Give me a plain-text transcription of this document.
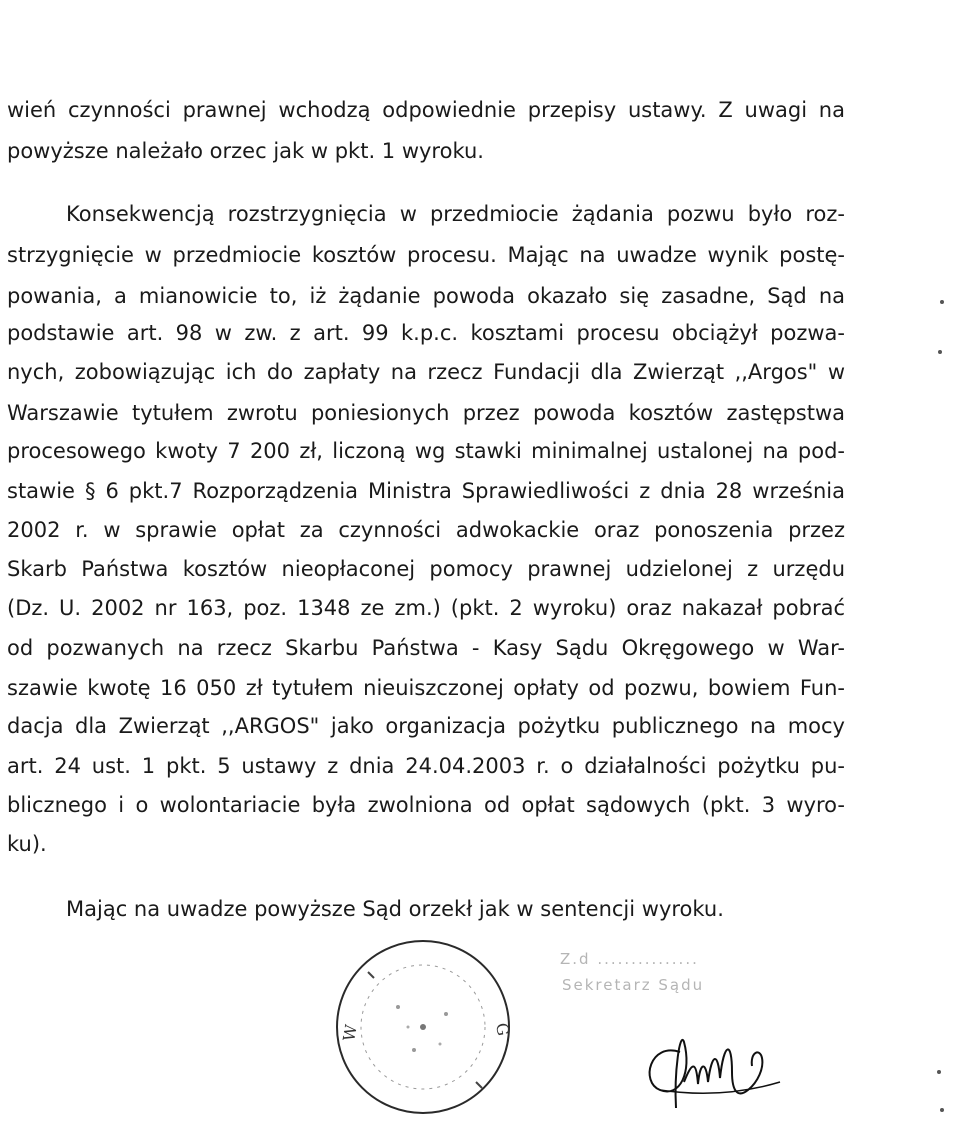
wień czynności prawnej wchodzą odpowiednie przepisy ustawy. Z uwagi na
powyższe należało orzec jak w pkt. 1 wyroku.
Konsekwencją rozstrzygnięcia w przedmiocie żądania pozwu było roz-
strzygnięcie w przedmiocie kosztów procesu. Mając na uwadze wynik postę-
powania, a mianowicie to, iż żądanie powoda okazało się zasadne, Sąd na
podstawie art. 98 w zw. z art. 99 k.p.c. kosztami procesu obciążył pozwa-
nych, zobowiązując ich do zapłaty na rzecz Fundacji dla Zwierząt ,,Argos" w
Warszawie tytułem zwrotu poniesionych przez powoda kosztów zastępstwa
procesowego kwoty 7 200 zł, liczoną wg stawki minimalnej ustalonej na pod-
stawie § 6 pkt.7 Rozporządzenia Ministra Sprawiedliwości z dnia 28 września
2002 r. w sprawie opłat za czynności adwokackie oraz ponoszenia przez
Skarb Państwa kosztów nieopłaconej pomocy prawnej udzielonej z urzędu
(Dz. U. 2002 nr 163, poz. 1348 ze zm.) (pkt. 2 wyroku) oraz nakazał pobrać
od pozwanych na rzecz Skarbu Państwa - Kasy Sądu Okręgowego w War-
szawie kwotę 16 050 zł tytułem nieuiszczonej opłaty od pozwu, bowiem Fun-
dacja dla Zwierząt ,,ARGOS" jako organizacja pożytku publicznego na mocy
art. 24 ust. 1 pkt. 5 ustawy z dnia 24.04.2003 r. o działalności pożytku pu-
blicznego i o wolontariacie była zwolniona od opłat sądowych (pkt. 3 wyro-
ku).
Mając na uwadze powyższe Sąd orzekł jak w sentencji wyroku.
W	G
Z.d ...............
Sekretarz Sądu
